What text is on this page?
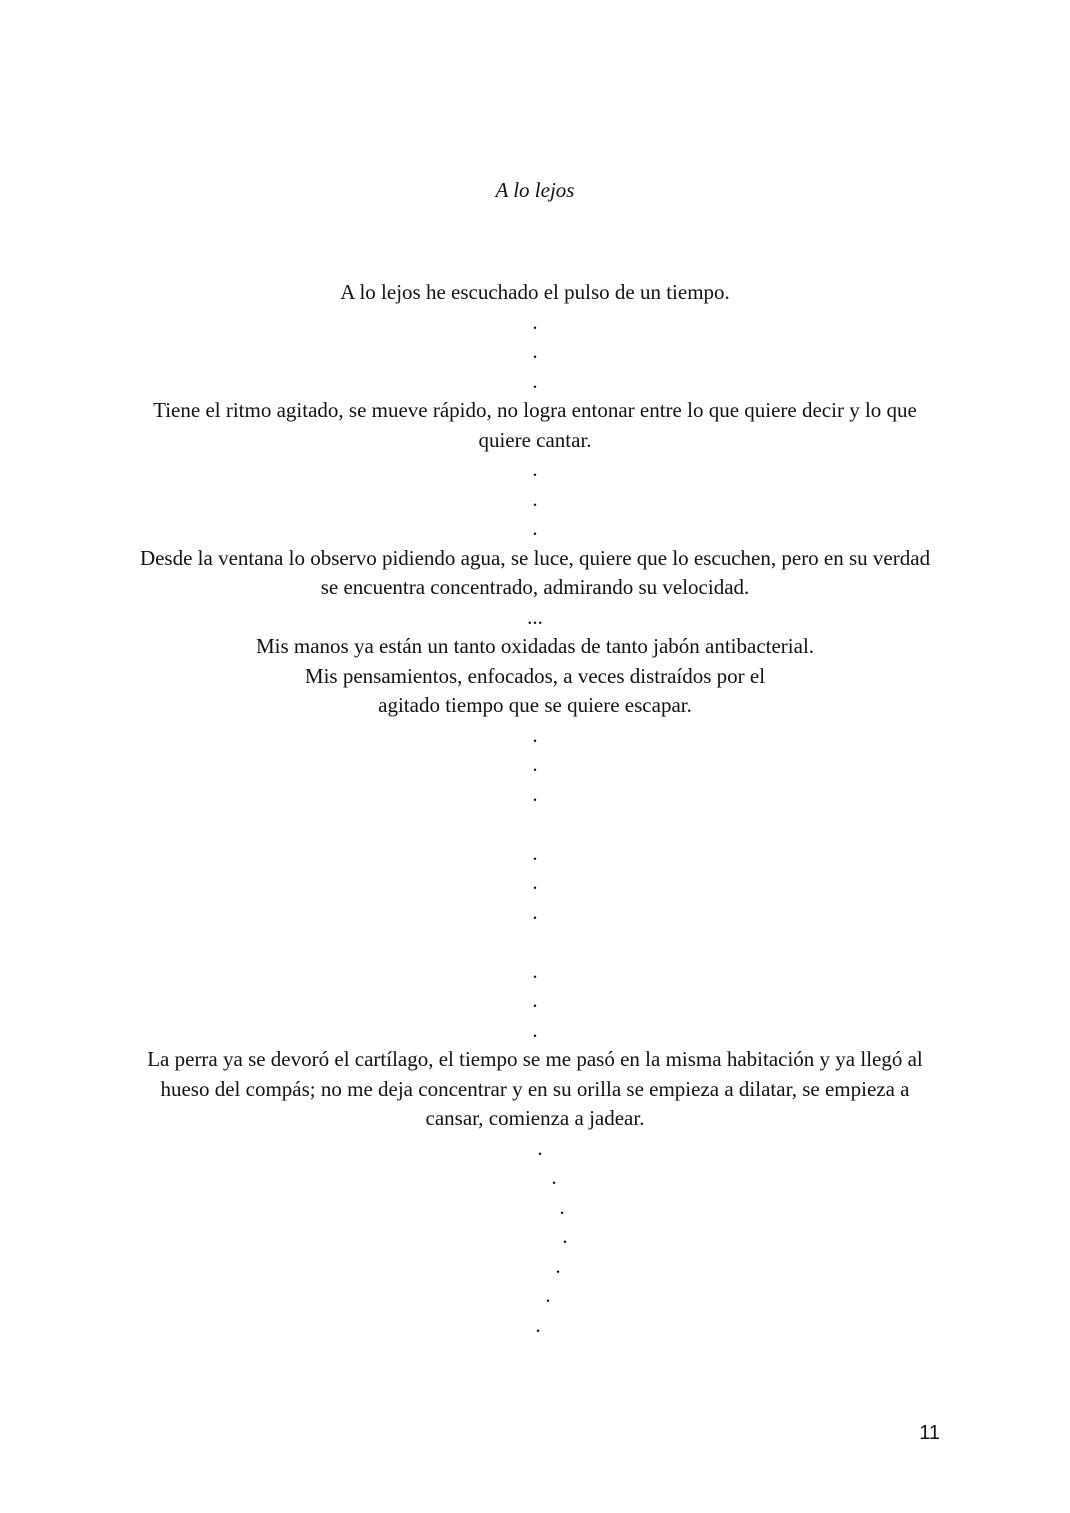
A lo lejos
A lo lejos he escuchado el pulso de un tiempo.
.
.
.
Tiene el ritmo agitado, se mueve rápido, no logra entonar entre lo que quiere decir y lo que quiere cantar.
.
.
.
Desde la ventana lo observo pidiendo agua, se luce, quiere que lo escuchen, pero en su verdad se encuentra concentrado, admirando su velocidad.
...
Mis manos ya están un tanto oxidadas de tanto jabón antibacterial.
Mis pensamientos, enfocados, a veces distraídos por el
agitado tiempo que se quiere escapar.
.
.
.
.
.
.
.
.
.
La perra ya se devoró el cartílago, el tiempo se me pasó en la misma habitación y ya llegó al hueso del compás; no me deja concentrar y en su orilla se empieza a dilatar, se empieza a cansar, comienza a jadear.
.
.
.
.
.
.
.
11
